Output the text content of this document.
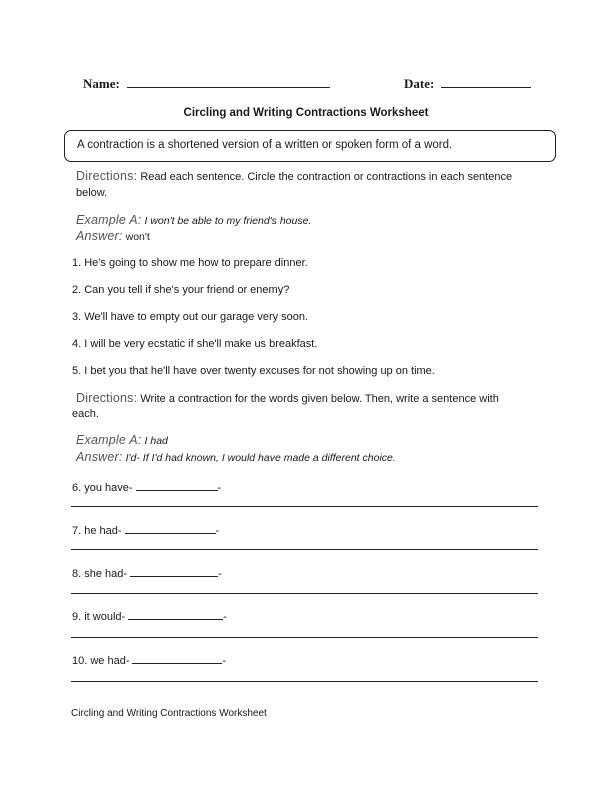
Name:	Date:
Circling and Writing Contractions Worksheet
A contraction is a shortened version of a written or spoken form of a word.
Directions: Read each sentence. Circle the contraction or contractions in each sentence
below.
Example A: I won't be able to my friend's house.
Answer: won't
1. He's going to show me how to prepare dinner.
2. Can you tell if she's your friend or enemy?
3. We'll have to empty out our garage very soon.
4. I will be very ecstatic if she'll make us breakfast.
5. I bet you that he'll have over twenty excuses for not showing up on time.
Directions: Write a contraction for the words given below. Then, write a sentence with
each.
Example A: I had
Answer: I'd- If I'd had known, I would have made a different choice.
6. you have-	-
7. he had-	-
8. she had-	-
9. it would-	-
10. we had-	-
Circling and Writing Contractions Worksheet
